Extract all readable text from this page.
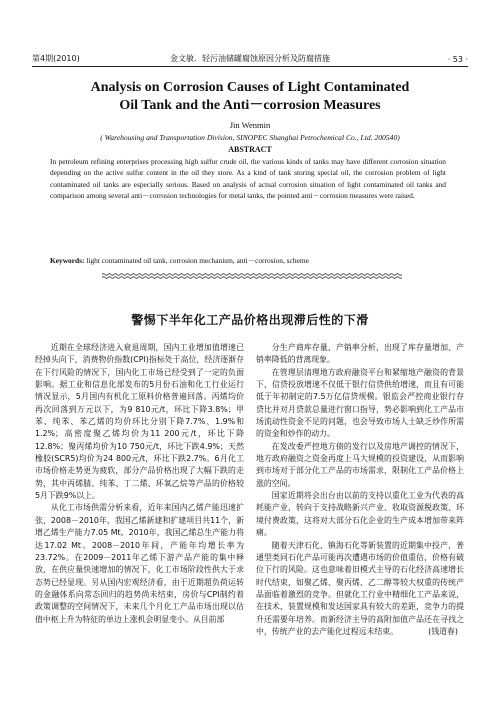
第4期(2010)	金文敏．轻污油储罐腐蚀原因分析及防腐措施	· 53 ·
Analysis on Corrosion Causes of Light Contaminated
Oil Tank and the Anti－corrosion Measures
Jin Wenmin
( Warehousing and Transportation Division, SINOPEC Shanghai Petrochemical Co., Ltd. 200540)
ABSTRACT
In petroleum refining enterprises processing high sulfur crude oil, the various kinds of tanks may have different corrosion situation depending on the active sulfur content in the oil they store. As a kind of tank storing special oil, the corrosion problem of light contaminated oil tanks are especially serious. Based on analysis of actual corrosion situation of light contaminated oil tanks and comparison among several anti－corrosion technologies for metal tanks, the pointed anti－corrosion measures were raised.
Keywords: light contaminated oil tank, corrosion mechanism, anti－corrosion, scheme
警惕下半年化工产品价格出现滞后性的下滑

近期在全球经济进入衰退周期，国内工业增加值增速已经掉头向下，消费物价指数(CPI)指标处于高位，经济逐渐存在下行风险的情况下，国内化工市场已经受到了一定的负面影响。据工业和信息化部发布的5月份石油和化工行业运行情况显示，5月国内有机化工原料价格普遍回落。丙烯均价再次回落到万元以下，为9 810元/t，环比下降3.8%；甲苯、纯苯、苯乙烯的均价环比分别下降7.7%、1.9%和1.2%；高密度聚乙烯均价为11 200元/t，环比下降12.8%；聚丙烯均价为10 750元/t，环比下跌4.9%；天然橡胶(SCR5)均价为24 800元/t，环比下跌2.7%。6月化工市场价格走势更为疲软，部分产品价格出现了大幅下跌的走势，其中丙烯腈、纯苯、丁二烯、环氧乙烷等产品的价格较5月下跌9%以上。

从化工市场供需分析来看，近年来国内乙烯产能迅速扩张，2008－2010年，我国乙烯新建和扩建项目共11个，新增乙烯生产能力7.05 Mt。2010年，我国乙烯总生产能力将达17.02 Mt。2008－2010年间，产能年均增长率为23.72%。在2009－2011年乙烯下游产品产能的集中释放，在供应量快速增加的情况下，化工市场阶段性供大于求态势已经显现。另从国内宏观经济看，由于近期超负荷运转的金融体系向常态回归的趋势尚未结束，房价与CPI制约着政策调整的空间情况下，未来几个月化工产品市场出现以估值中枢上升为特征的单边上涨机会明显变小。从目前部

分生产商库存量、产销率分析，出现了库存量增加、产销率降低的背离现象。

在管理层清理地方政府融资平台和紧缩地产融资的背景下，信贷投放增速不仅低于银行信贷供给增速，而且有可能低于年初制定的7.5万亿信贷规模。银监会严控商业银行存贷比并对月贷款总量进行窗口指导，势必影响到化工产品市场流动性资金不足的问题，也会导致市场人士缺乏炒作所需的资金和炒作的动力。

在发改委严控地方债的发行以及房地产调控的情况下，地方政府融资之资金再度上马大规模的投资建设，从而影响到市场对于部分化工产品的市场需求，限制化工产品价格上涨的空间。

国家近期将会出台由以前的支持以重化工业为代表的高耗能产业，转向于支持战略新兴产业、收取资源税政策、环境付费政策，这将对大部分石化企业的生产成本增加带来阵痛。

随着天津石化、镇海石化等新装置的近期集中投产，普通型类同石化产品可能再次遭遇市场的价值重估，价格有破位下行的风险。这也意味着旧模式主导的石化经济高速增长时代结束，如聚乙烯、聚丙烯、乙二醇等较大权重的传统产品面临着激烈的竞争。但就化工行业中精细化工产品来说，在技术、装置规模和发达国家具有较大的差距，竞争力的提升还需要年培养。而新经济主导的高附加值产品还在寻找之中，传统产业的去产能化过程远未结束。	(钱道春)
